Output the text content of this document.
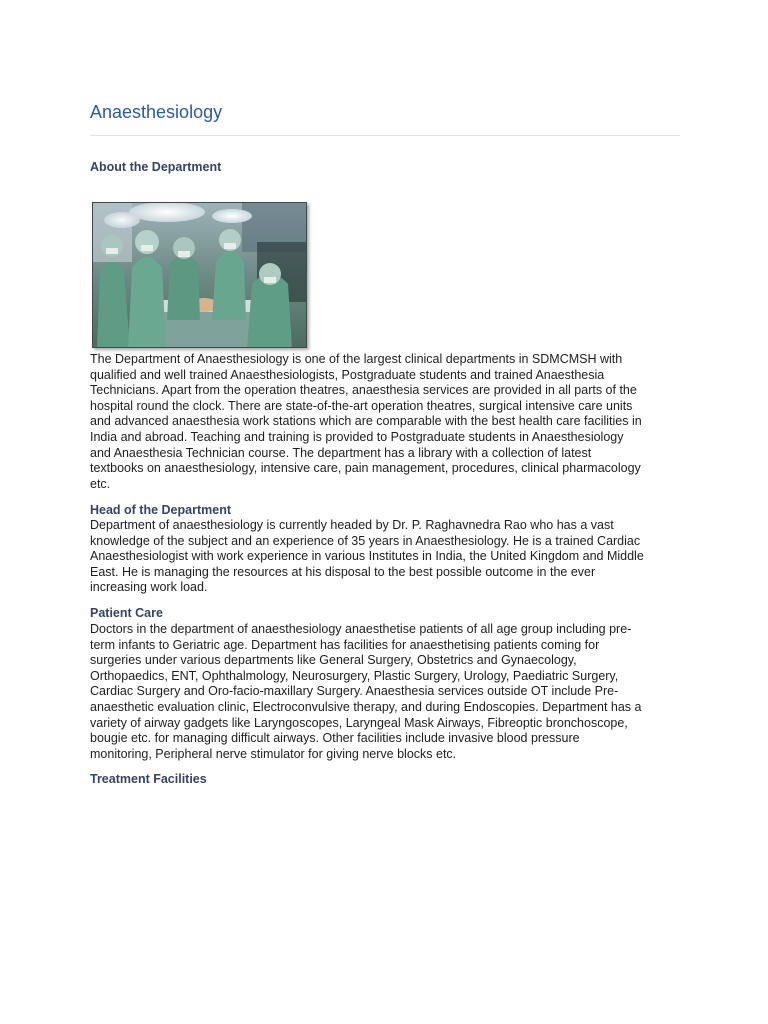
Anaesthesiology
About the Department

The Department of Anaesthesiology is one of the largest clinical departments in SDMCMSH with
qualified and well trained Anaesthesiologists, Postgraduate students and trained Anaesthesia
Technicians. Apart from the operation theatres, anaesthesia services are provided in all parts of the
hospital round the clock. There are state-of-the-art operation theatres, surgical intensive care units
and advanced anaesthesia work stations which are comparable with the best health care facilities in
India and abroad. Teaching and training is provided to Postgraduate students in Anaesthesiology
and Anaesthesia Technician course. The department has a library with a collection of latest
textbooks on anaesthesiology, intensive care, pain management, procedures, clinical pharmacology
etc.

Head of the Department

Department of anaesthesiology is currently headed by Dr. P. Raghavnedra Rao who has a vast
knowledge of the subject and an experience of 35 years in Anaesthesiology. He is a trained Cardiac
Anaesthesiologist with work experience in various Institutes in India, the United Kingdom and Middle
East. He is managing the resources at his disposal to the best possible outcome in the ever
increasing work load.

Patient Care

Doctors in the department of anaesthesiology anaesthetise patients of all age group including pre-
term infants to Geriatric age. Department has facilities for anaesthetising patients coming for
surgeries under various departments like General Surgery, Obstetrics and Gynaecology,
Orthopaedics, ENT, Ophthalmology, Neurosurgery, Plastic Surgery, Urology, Paediatric Surgery,
Cardiac Surgery and Oro-facio-maxillary Surgery. Anaesthesia services outside OT include Pre-
anaesthetic evaluation clinic, Electroconvulsive therapy, and during Endoscopies. Department has a
variety of airway gadgets like Laryngoscopes, Laryngeal Mask Airways, Fibreoptic bronchoscope,
bougie etc. for managing difficult airways. Other facilities include invasive blood pressure
monitoring, Peripheral nerve stimulator for giving nerve blocks etc.

Treatment Facilities
